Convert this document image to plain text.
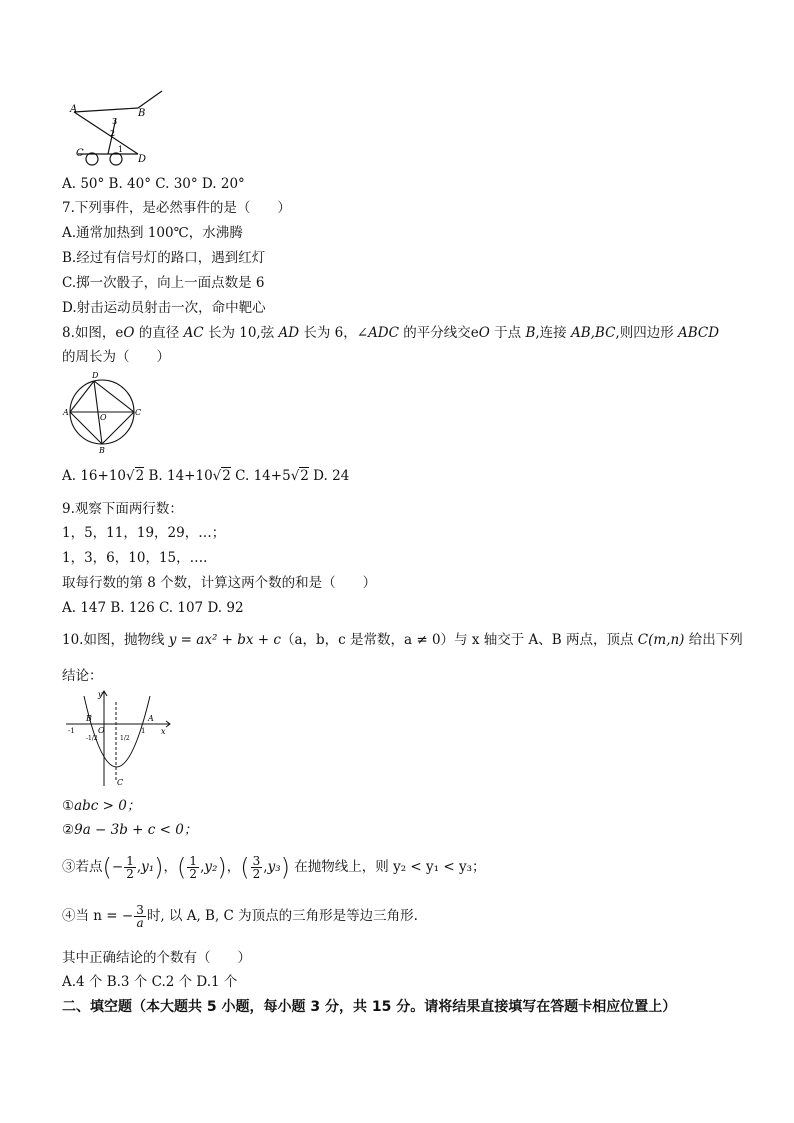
A	B
C
D
3
2
1
A. 50° B. 40° C. 30° D. 20°
7.下列事件，是必然事件的是（　　）
A.通常加热到 100℃，水沸腾
B.经过有信号灯的路口，遇到红灯
C.掷一次骰子，向上一面点数是 6
D.射击运动员射击一次，命中靶心
8.如图，eO 的直径 AC 长为 10,弦 AD 长为 6，∠ADC 的平分线交eO 于点 B,连接 AB,BC,则四边形 ABCD
的周长为（　　）
D
A	C
O
B
A. 16+10√2 B. 14+10√2 C. 14+5√2 D. 24
9.观察下面两行数：
1，5，11，19，29，…；
1，3，6，10，15，….
取每行数的第 8 个数，计算这两个数的和是（　　）
A. 147 B. 126 C. 107 D. 92
10.如图，抛物线 y = ax² + bx + c（a，b，c 是常数，a ≠ 0）与 x 轴交于 A、B 两点，顶点 C(m,n) 给出下列
结论：
y
x
B	A
O
-1
-1/2	1/2
1
C
①abc > 0；
②9a − 3b + c < 0；
③若点(− $\frac{1}{2} ,y_1$)，( $\frac{1}{2} ,y_2$)，( $\frac{3}{2} ,y_3$) 在抛物线上，则 y₂ < y₁ < y₃；
④当 n = − $\frac{3}{a}$ 时, 以 A, B, C 为顶点的三角形是等边三角形.
其中正确结论的个数有（　　）
A.4 个 B.3 个 C.2 个 D.1 个
二、填空题（本大题共 5 小题，每小题 3 分，共 15 分。请将结果直接填写在答题卡相应位置上）
